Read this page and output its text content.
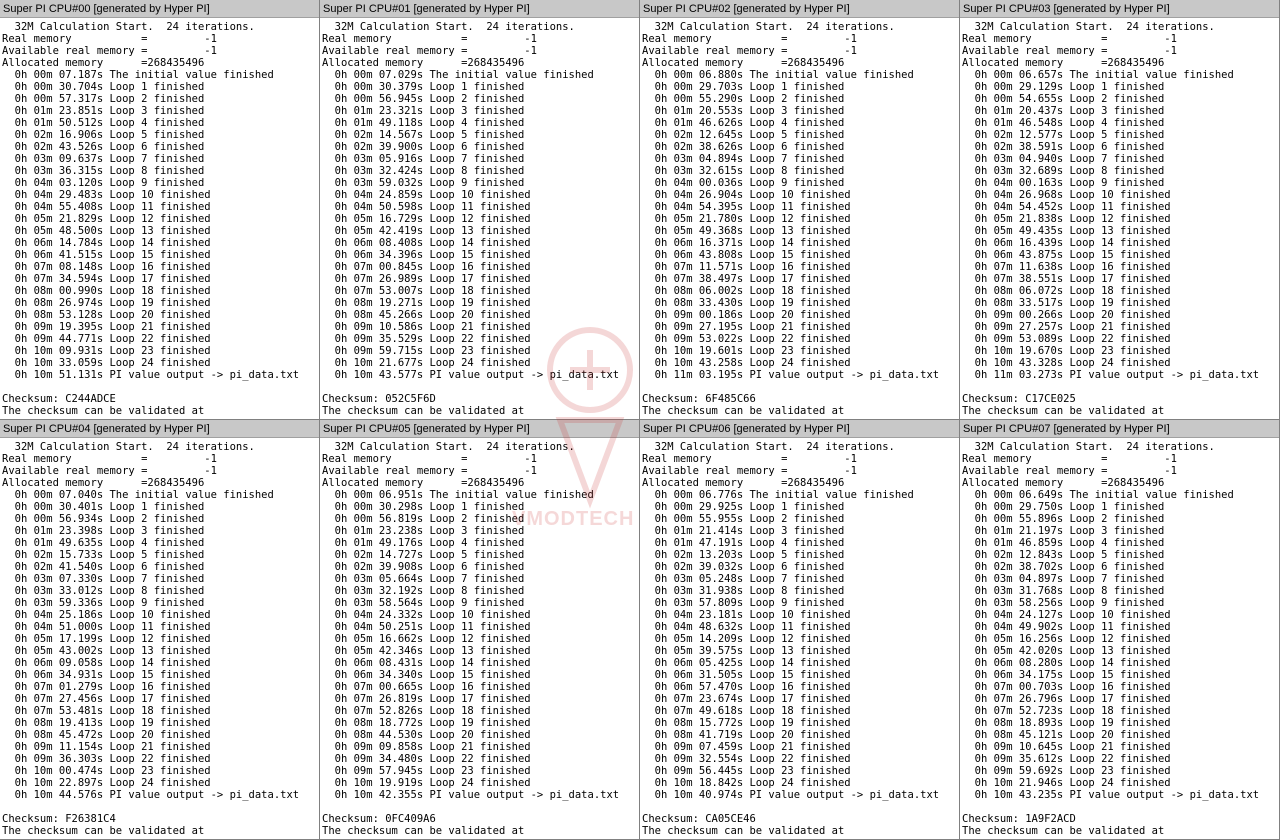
Super PI CPU#00 [generated by Hyper PI]
32M Calculation Start.  24 iterations.
Real memory           =         -1
Available real memory =         -1
Allocated memory      =268435496
0h 00m 07.187s The initial value finished
0h 00m 30.704s Loop 1 finished
0h 00m 57.317s Loop 2 finished
0h 01m 23.851s Loop 3 finished
0h 01m 50.512s Loop 4 finished
0h 02m 16.906s Loop 5 finished
0h 02m 43.526s Loop 6 finished
0h 03m 09.637s Loop 7 finished
0h 03m 36.315s Loop 8 finished
0h 04m 03.120s Loop 9 finished
0h 04m 29.483s Loop 10 finished
0h 04m 55.408s Loop 11 finished
0h 05m 21.829s Loop 12 finished
0h 05m 48.500s Loop 13 finished
0h 06m 14.784s Loop 14 finished
0h 06m 41.515s Loop 15 finished
0h 07m 08.148s Loop 16 finished
0h 07m 34.594s Loop 17 finished
0h 08m 00.990s Loop 18 finished
0h 08m 26.974s Loop 19 finished
0h 08m 53.128s Loop 20 finished
0h 09m 19.395s Loop 21 finished
0h 09m 44.771s Loop 22 finished
0h 10m 09.931s Loop 23 finished
0h 10m 33.059s Loop 24 finished
0h 10m 51.131s PI value output -> pi_data.txt
Checksum: C244ADCE
The checksum can be validated at
Super PI CPU#01 [generated by Hyper PI]
32M Calculation Start.  24 iterations.
Real memory           =         -1
Available real memory =         -1
Allocated memory      =268435496
0h 00m 07.029s The initial value finished
0h 00m 30.379s Loop 1 finished
0h 00m 56.945s Loop 2 finished
0h 01m 23.321s Loop 3 finished
0h 01m 49.118s Loop 4 finished
0h 02m 14.567s Loop 5 finished
0h 02m 39.900s Loop 6 finished
0h 03m 05.916s Loop 7 finished
0h 03m 32.424s Loop 8 finished
0h 03m 59.032s Loop 9 finished
0h 04m 24.859s Loop 10 finished
0h 04m 50.598s Loop 11 finished
0h 05m 16.729s Loop 12 finished
0h 05m 42.419s Loop 13 finished
0h 06m 08.408s Loop 14 finished
0h 06m 34.396s Loop 15 finished
0h 07m 00.845s Loop 16 finished
0h 07m 26.989s Loop 17 finished
0h 07m 53.007s Loop 18 finished
0h 08m 19.271s Loop 19 finished
0h 08m 45.266s Loop 20 finished
0h 09m 10.586s Loop 21 finished
0h 09m 35.529s Loop 22 finished
0h 09m 59.715s Loop 23 finished
0h 10m 21.677s Loop 24 finished
0h 10m 43.577s PI value output -> pi_data.txt
Checksum: 052C5F6D
The checksum can be validated at
Super PI CPU#02 [generated by Hyper PI]
32M Calculation Start.  24 iterations.
Real memory           =         -1
Available real memory =         -1
Allocated memory      =268435496
0h 00m 06.880s The initial value finished
0h 00m 29.703s Loop 1 finished
0h 00m 55.290s Loop 2 finished
0h 01m 20.553s Loop 3 finished
0h 01m 46.626s Loop 4 finished
0h 02m 12.645s Loop 5 finished
0h 02m 38.626s Loop 6 finished
0h 03m 04.894s Loop 7 finished
0h 03m 32.615s Loop 8 finished
0h 04m 00.036s Loop 9 finished
0h 04m 26.904s Loop 10 finished
0h 04m 54.395s Loop 11 finished
0h 05m 21.780s Loop 12 finished
0h 05m 49.368s Loop 13 finished
0h 06m 16.371s Loop 14 finished
0h 06m 43.808s Loop 15 finished
0h 07m 11.571s Loop 16 finished
0h 07m 38.497s Loop 17 finished
0h 08m 06.002s Loop 18 finished
0h 08m 33.430s Loop 19 finished
0h 09m 00.186s Loop 20 finished
0h 09m 27.195s Loop 21 finished
0h 09m 53.022s Loop 22 finished
0h 10m 19.601s Loop 23 finished
0h 10m 43.258s Loop 24 finished
0h 11m 03.195s PI value output -> pi_data.txt
Checksum: 6F485C66
The checksum can be validated at
Super PI CPU#03 [generated by Hyper PI]
32M Calculation Start.  24 iterations.
Real memory           =         -1
Available real memory =         -1
Allocated memory      =268435496
0h 00m 06.657s The initial value finished
0h 00m 29.129s Loop 1 finished
0h 00m 54.655s Loop 2 finished
0h 01m 20.437s Loop 3 finished
0h 01m 46.548s Loop 4 finished
0h 02m 12.577s Loop 5 finished
0h 02m 38.591s Loop 6 finished
0h 03m 04.940s Loop 7 finished
0h 03m 32.689s Loop 8 finished
0h 04m 00.163s Loop 9 finished
0h 04m 26.968s Loop 10 finished
0h 04m 54.452s Loop 11 finished
0h 05m 21.838s Loop 12 finished
0h 05m 49.435s Loop 13 finished
0h 06m 16.439s Loop 14 finished
0h 06m 43.875s Loop 15 finished
0h 07m 11.638s Loop 16 finished
0h 07m 38.551s Loop 17 finished
0h 08m 06.072s Loop 18 finished
0h 08m 33.517s Loop 19 finished
0h 09m 00.266s Loop 20 finished
0h 09m 27.257s Loop 21 finished
0h 09m 53.089s Loop 22 finished
0h 10m 19.670s Loop 23 finished
0h 10m 43.328s Loop 24 finished
0h 11m 03.273s PI value output -> pi_data.txt
Checksum: C17CE025
The checksum can be validated at
Super PI CPU#04 [generated by Hyper PI]
32M Calculation Start.  24 iterations.
Real memory           =         -1
Available real memory =         -1
Allocated memory      =268435496
0h 00m 07.040s The initial value finished
0h 00m 30.401s Loop 1 finished
0h 00m 56.934s Loop 2 finished
0h 01m 23.398s Loop 3 finished
0h 01m 49.635s Loop 4 finished
0h 02m 15.733s Loop 5 finished
0h 02m 41.540s Loop 6 finished
0h 03m 07.330s Loop 7 finished
0h 03m 33.012s Loop 8 finished
0h 03m 59.336s Loop 9 finished
0h 04m 25.186s Loop 10 finished
0h 04m 51.000s Loop 11 finished
0h 05m 17.199s Loop 12 finished
0h 05m 43.002s Loop 13 finished
0h 06m 09.058s Loop 14 finished
0h 06m 34.931s Loop 15 finished
0h 07m 01.279s Loop 16 finished
0h 07m 27.456s Loop 17 finished
0h 07m 53.481s Loop 18 finished
0h 08m 19.413s Loop 19 finished
0h 08m 45.472s Loop 20 finished
0h 09m 11.154s Loop 21 finished
0h 09m 36.303s Loop 22 finished
0h 10m 00.474s Loop 23 finished
0h 10m 22.897s Loop 24 finished
0h 10m 44.576s PI value output -> pi_data.txt
Checksum: F26381C4
The checksum can be validated at
Super PI CPU#05 [generated by Hyper PI]
32M Calculation Start.  24 iterations.
Real memory           =         -1
Available real memory =         -1
Allocated memory      =268435496
0h 00m 06.951s The initial value finished
0h 00m 30.298s Loop 1 finished
0h 00m 56.819s Loop 2 finished
0h 01m 23.238s Loop 3 finished
0h 01m 49.176s Loop 4 finished
0h 02m 14.727s Loop 5 finished
0h 02m 39.908s Loop 6 finished
0h 03m 05.664s Loop 7 finished
0h 03m 32.192s Loop 8 finished
0h 03m 58.564s Loop 9 finished
0h 04m 24.332s Loop 10 finished
0h 04m 50.251s Loop 11 finished
0h 05m 16.662s Loop 12 finished
0h 05m 42.346s Loop 13 finished
0h 06m 08.431s Loop 14 finished
0h 06m 34.340s Loop 15 finished
0h 07m 00.665s Loop 16 finished
0h 07m 26.819s Loop 17 finished
0h 07m 52.826s Loop 18 finished
0h 08m 18.772s Loop 19 finished
0h 08m 44.530s Loop 20 finished
0h 09m 09.858s Loop 21 finished
0h 09m 34.480s Loop 22 finished
0h 09m 57.945s Loop 23 finished
0h 10m 19.919s Loop 24 finished
0h 10m 42.355s PI value output -> pi_data.txt
Checksum: 0FC409A6
The checksum can be validated at
Super PI CPU#06 [generated by Hyper PI]
32M Calculation Start.  24 iterations.
Real memory           =         -1
Available real memory =         -1
Allocated memory      =268435496
0h 00m 06.776s The initial value finished
0h 00m 29.925s Loop 1 finished
0h 00m 55.955s Loop 2 finished
0h 01m 21.414s Loop 3 finished
0h 01m 47.191s Loop 4 finished
0h 02m 13.203s Loop 5 finished
0h 02m 39.032s Loop 6 finished
0h 03m 05.248s Loop 7 finished
0h 03m 31.938s Loop 8 finished
0h 03m 57.809s Loop 9 finished
0h 04m 23.181s Loop 10 finished
0h 04m 48.632s Loop 11 finished
0h 05m 14.209s Loop 12 finished
0h 05m 39.575s Loop 13 finished
0h 06m 05.425s Loop 14 finished
0h 06m 31.505s Loop 15 finished
0h 06m 57.470s Loop 16 finished
0h 07m 23.674s Loop 17 finished
0h 07m 49.618s Loop 18 finished
0h 08m 15.772s Loop 19 finished
0h 08m 41.719s Loop 20 finished
0h 09m 07.459s Loop 21 finished
0h 09m 32.554s Loop 22 finished
0h 09m 56.445s Loop 23 finished
0h 10m 18.842s Loop 24 finished
0h 10m 40.974s PI value output -> pi_data.txt
Checksum: CA05CE46
The checksum can be validated at
Super PI CPU#07 [generated by Hyper PI]
32M Calculation Start.  24 iterations.
Real memory           =         -1
Available real memory =         -1
Allocated memory      =268435496
0h 00m 06.649s The initial value finished
0h 00m 29.750s Loop 1 finished
0h 00m 55.896s Loop 2 finished
0h 01m 21.197s Loop 3 finished
0h 01m 46.859s Loop 4 finished
0h 02m 12.843s Loop 5 finished
0h 02m 38.702s Loop 6 finished
0h 03m 04.897s Loop 7 finished
0h 03m 31.768s Loop 8 finished
0h 03m 58.256s Loop 9 finished
0h 04m 24.127s Loop 10 finished
0h 04m 49.902s Loop 11 finished
0h 05m 16.256s Loop 12 finished
0h 05m 42.020s Loop 13 finished
0h 06m 08.280s Loop 14 finished
0h 06m 34.175s Loop 15 finished
0h 07m 00.703s Loop 16 finished
0h 07m 26.796s Loop 17 finished
0h 07m 52.723s Loop 18 finished
0h 08m 18.893s Loop 19 finished
0h 08m 45.121s Loop 20 finished
0h 09m 10.645s Loop 21 finished
0h 09m 35.612s Loop 22 finished
0h 09m 59.692s Loop 23 finished
0h 10m 21.946s Loop 24 finished
0h 10m 43.235s PI value output -> pi_data.txt
Checksum: 1A9F2ACD
The checksum can be validated at
